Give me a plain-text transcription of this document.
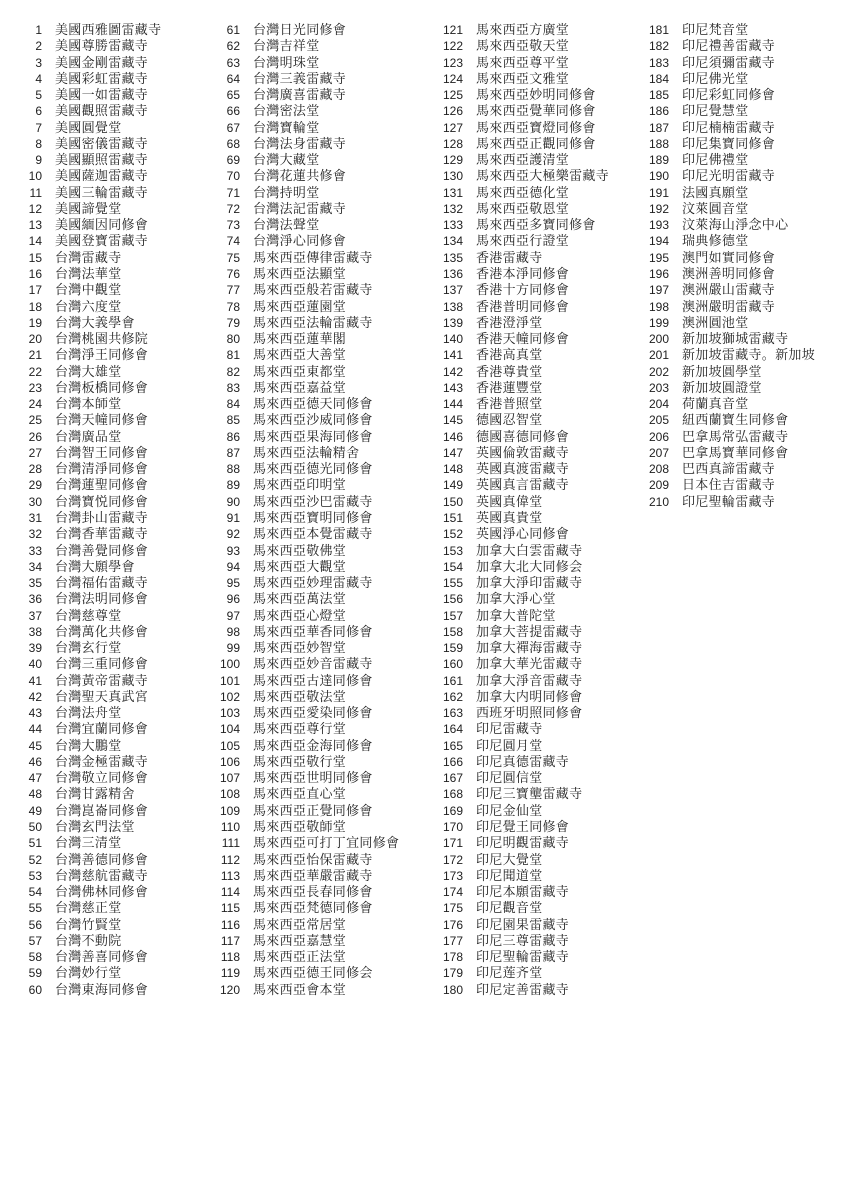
1 美國西雅圖雷藏寺
2 美國尊勝雷藏寺
3 美國金剛雷藏寺
4 美國彩虹雷藏寺
5 美國一如雷藏寺
6 美國觀照雷藏寺
7 美國圓覺堂
8 美國密儀雷藏寺
9 美國顯照雷藏寺
10 美國薩迦雷藏寺
11 美國三輪雷藏寺
12 美國諦覺堂
13 美國緬因同修會
14 美國登寶雷藏寺
15 台灣雷藏寺
16 台灣法華堂
17 台灣中觀堂
18 台灣六度堂
19 台灣大義學會
20 台灣桃園共修院
21 台灣淨王同修會
22 台灣大雄堂
23 台灣板橋同修會
24 台灣本師堂
25 台灣天幢同修會
26 台灣廣品堂
27 台灣智王同修會
28 台灣清淨同修會
29 台灣蓮聖同修會
30 台灣寶悦同修會
31 台灣卦山雷藏寺
32 台灣香華雷藏寺
33 台灣善覺同修會
34 台灣大願學會
35 台灣福佑雷藏寺
36 台灣法明同修會
37 台灣慈尊堂
38 台灣萬化共修會
39 台灣玄行堂
40 台灣三重同修會
41 台灣黃帝雷藏寺
42 台灣聖天真武宮
43 台灣法舟堂
44 台灣宜蘭同修會
45 台灣大鵬堂
46 台灣金極雷藏寺
47 台灣敬立同修會
48 台灣甘露精舍
49 台灣崑崙同修會
50 台灣玄門法堂
51 台灣三清堂
52 台灣善德同修會
53 台灣慈航雷藏寺
54 台灣佛林同修會
55 台灣慈正堂
56 台灣竹賢堂
57 台灣不動院
58 台灣善喜同修會
59 台灣妙行堂
60 台灣東海同修會
61 台灣日光同修會
62 台灣吉祥堂
63 台灣明珠堂
64 台灣三義雷藏寺
65 台灣廣喜雷藏寺
66 台灣密法堂
67 台灣寶輪堂
68 台灣法身雷藏寺
69 台灣大藏堂
70 台灣花蓮共修會
71 台灣持明堂
72 台灣法記雷藏寺
73 台灣法聲堂
74 台灣淨心同修會
75 馬來西亞傳律雷藏寺
76 馬來西亞法顯堂
77 馬來西亞般若雷藏寺
78 馬來西亞蓮園堂
79 馬來西亞法輪雷藏寺
80 馬來西亞蓮華閣
81 馬來西亞大善堂
82 馬來西亞東都堂
83 馬來西亞嘉益堂
84 馬來西亞德天同修會
85 馬來西亞沙威同修會
86 馬來西亞果海同修會
87 馬來西亞法輪精舍
88 馬來西亞德光同修會
89 馬來西亞印明堂
90 馬來西亞沙巴雷藏寺
91 馬來西亞寶明同修會
92 馬來西亞本覺雷藏寺
93 馬來西亞敬佛堂
94 馬來西亞大觀堂
95 馬來西亞妙理雷藏寺
96 馬來西亞萬法堂
97 馬來西亞心燈堂
98 馬來西亞華香同修會
99 馬來西亞妙智堂
100 馬來西亞妙音雷藏寺
101 馬來西亞古達同修會
102 馬來西亞敬法堂
103 馬來西亞愛染同修會
104 馬來西亞尊行堂
105 馬來西亞金海同修會
106 馬來西亞敬行堂
107 馬來西亞世明同修會
108 馬來西亞直心堂
109 馬來西亞正覺同修會
110 馬來西亞敬師堂
111 馬來西亞可打丁宜同修會
112 馬來西亞怡保雷藏寺
113 馬來西亞華嚴雷藏寺
114 馬來西亞長春同修會
115 馬來西亞梵德同修會
116 馬來西亞常居堂
117 馬來西亞嘉慧堂
118 馬來西亞正法堂
119 馬來西亞德王同修会
120 馬來西亞會本堂
121 馬來西亞方廣堂
122 馬來西亞敬天堂
123 馬來西亞尊平堂
124 馬來西亞文雅堂
125 馬來西亞妙明同修會
126 馬來西亞覺華同修會
127 馬來西亞寶燈同修會
128 馬來西亞正觀同修會
129 馬來西亞護清堂
130 馬來西亞大極樂雷藏寺
131 馬來西亞德化堂
132 馬來西亞敬恩堂
133 馬來西亞多寶同修會
134 馬來西亞行證堂
135 香港雷藏寺
136 香港本淨同修會
137 香港十方同修會
138 香港普明同修會
139 香港澄淨堂
140 香港天幢同修會
141 香港高真堂
142 香港尊貴堂
143 香港蓮豐堂
144 香港普照堂
145 德國忍智堂
146 德國喜德同修會
147 英國倫敦雷藏寺
148 英國真渡雷藏寺
149 英國真言雷藏寺
150 英國真偉堂
151 英國真貴堂
152 英國淨心同修會
153 加拿大白雲雷藏寺
154 加拿大北大同修会
155 加拿大淨印雷藏寺
156 加拿大淨心堂
157 加拿大普陀堂
158 加拿大菩提雷藏寺
159 加拿大禪海雷藏寺
160 加拿大華光雷藏寺
161 加拿大淨音雷藏寺
162 加拿大内明同修會
163 西班牙明照同修會
164 印尼雷藏寺
165 印尼圓月堂
166 印尼真德雷藏寺
167 印尼圓信堂
168 印尼三寶壟雷藏寺
169 印尼金仙堂
170 印尼覺王同修會
171 印尼明觀雷藏寺
172 印尼大覺堂
173 印尼聞道堂
174 印尼本願雷藏寺
175 印尼觀音堂
176 印尼園果雷藏寺
177 印尼三尊雷藏寺
178 印尼聖輪雷藏寺
179 印尼莲齐堂
180 印尼定善雷藏寺
181 印尼梵音堂
182 印尼禮善雷藏寺
183 印尼須彌雷藏寺
184 印尼佛光堂
185 印尼彩虹同修會
186 印尼覺慧堂
187 印尼楠楠雷藏寺
188 印尼集寶同修會
189 印尼佛禮堂
190 印尼光明雷藏寺
191 法國真願堂
192 汶萊圓音堂
193 汶萊海山淨念中心
194 瑞典修德堂
195 澳門如實同修會
196 澳洲善明同修會
197 澳洲嚴山雷藏寺
198 澳洲嚴明雷藏寺
199 澳洲圓池堂
200 新加坡獅城雷藏寺
201 新加坡雷藏寺。新加坡
202 新加坡圓學堂
203 新加坡圓證堂
204 荷蘭真音堂
205 紐西蘭寶生同修會
206 巴拿馬常弘雷藏寺
207 巴拿馬寶華同修會
208 巴西真諦雷藏寺
209 日本住吉雷藏寺
210 印尼聖輪雷藏寺
